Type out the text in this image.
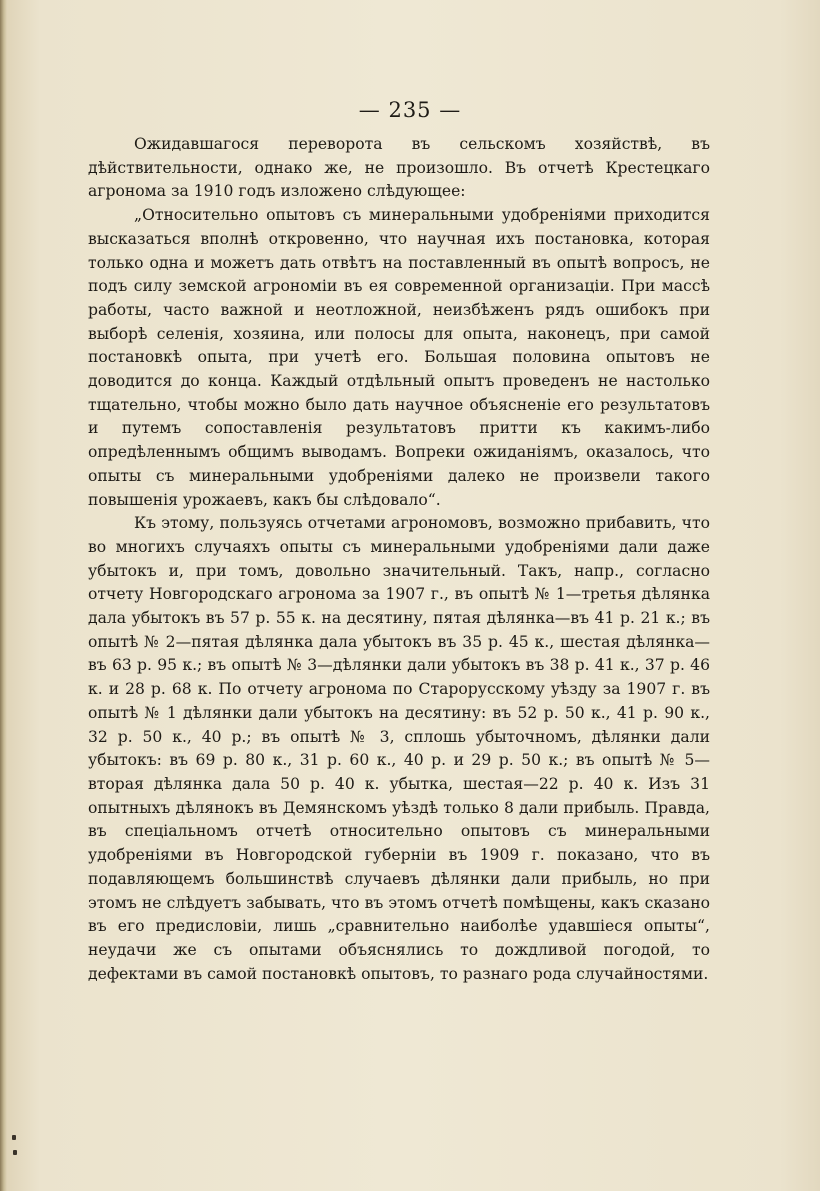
— 235 —

Ожидавшагося переворота въ сельскомъ хозяйствѣ, въ дѣйствительности, однако же, не произошло. Въ отчетѣ Крестецкаго агронома за 1910 годъ изложено слѣдующее:

„Относительно опытовъ съ минеральными удобреніями приходится высказаться вполнѣ откровенно, что научная ихъ постановка, которая только одна и можетъ дать отвѣтъ на поставленный въ опытѣ вопросъ, не подъ силу земской агрономіи въ ея современной организаціи. При массѣ работы, часто важной и неотложной, неизбѣженъ рядъ ошибокъ при выборѣ селенія, хозяина, или полосы для опыта, наконецъ, при самой постановкѣ опыта, при учетѣ его. Большая половина опытовъ не доводится до конца. Каждый отдѣльный опытъ проведенъ не настолько тщательно, чтобы можно было дать научное объясненіе его результатовъ и путемъ сопоставленія результатовъ притти къ какимъ-либо опредѣленнымъ общимъ выводамъ. Вопреки ожиданіямъ, оказалось, что опыты съ минеральными удобреніями далеко не произвели такого повышенія урожаевъ, какъ бы слѣдовало“.

Къ этому, пользуясь отчетами агрономовъ, возможно прибавить, что во многихъ случаяхъ опыты съ минеральными удобреніями дали даже убытокъ и, при томъ, довольно значительный. Такъ, напр., согласно отчету Новгородскаго агронома за 1907 г., въ опытѣ № 1—третья дѣлянка дала убытокъ въ 57 р. 55 к. на десятину, пятая дѣлянка—въ 41 р. 21 к.; въ опытѣ № 2—пятая дѣлянка дала убытокъ въ 35 р. 45 к., шестая дѣлянка—въ 63 р. 95 к.; въ опытѣ № 3—дѣлянки дали убытокъ въ 38 р. 41 к., 37 р. 46 к. и 28 р. 68 к. По отчету агронома по Старорусскому уѣзду за 1907 г. въ опытѣ № 1 дѣлянки дали убытокъ на десятину: въ 52 р. 50 к., 41 р. 90 к., 32 р. 50 к., 40 р.; въ опытѣ № 3, сплошь убыточномъ, дѣлянки дали убытокъ: въ 69 р. 80 к., 31 р. 60 к., 40 р. и 29 р. 50 к.; въ опытѣ № 5—вторая дѣлянка дала 50 р. 40 к. убытка, шестая—22 р. 40 к. Изъ 31 опытныхъ дѣлянокъ въ Демянскомъ уѣздѣ только 8 дали прибыль. Правда, въ спеціальномъ отчетѣ относительно опытовъ съ минеральными удобреніями въ Новгородской губерніи въ 1909 г. показано, что въ подавляющемъ большинствѣ случаевъ дѣлянки дали прибыль, но при этомъ не слѣдуетъ забывать, что въ этомъ отчетѣ помѣщены, какъ сказано въ его предисловіи, лишь „сравнительно наиболѣе удавшіеся опыты“, неудачи же съ опытами объяснялись то дождливой погодой, то дефектами въ самой постановкѣ опытовъ, то разнаго рода случайностями.
